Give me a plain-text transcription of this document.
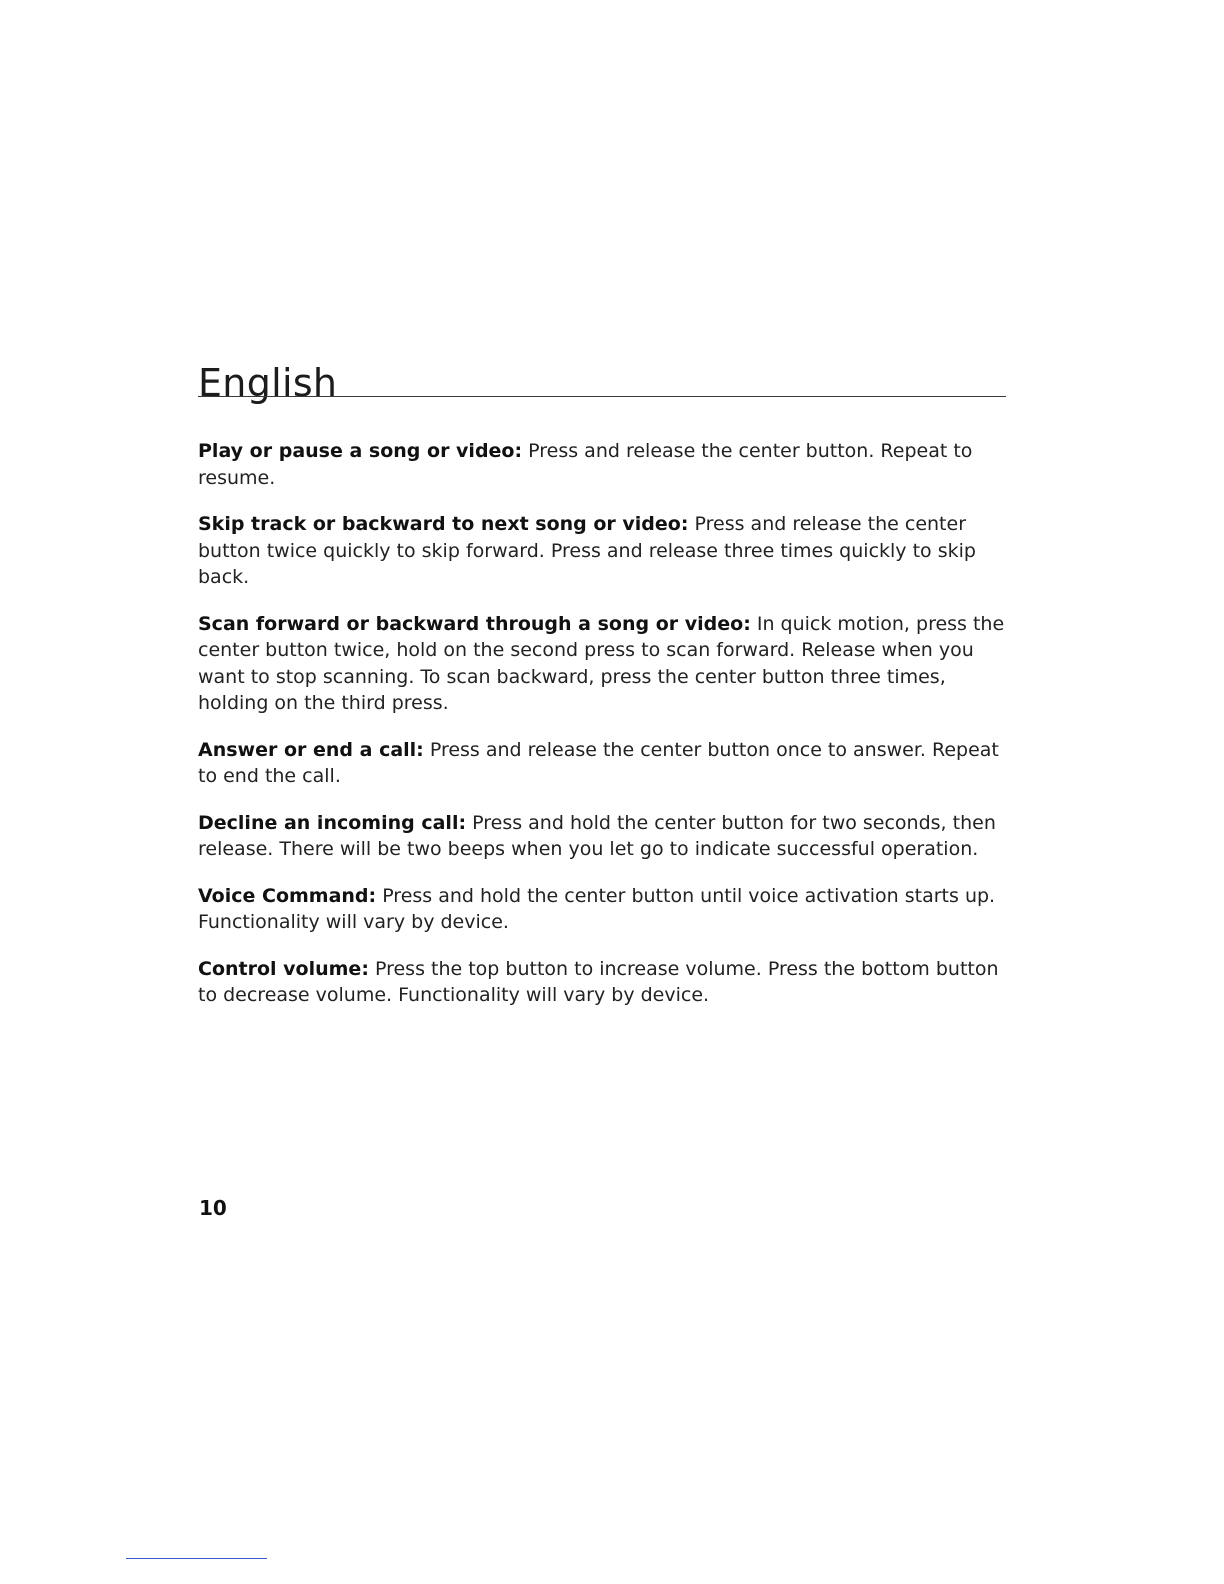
English

Play or pause a song or video: Press and release the center button. Repeat to resume.

Skip track or backward to next song or video: Press and release the center button twice quickly to skip forward. Press and release three times quickly to skip back.

Scan forward or backward through a song or video: In quick motion, press the center button twice, hold on the second press to scan forward. Release when you want to stop scanning. To scan backward, press the center button three times, holding on the third press.

Answer or end a call: Press and release the center button once to answer. Repeat to end the call.

Decline an incoming call: Press and hold the center button for two seconds, then release. There will be two beeps when you let go to indicate successful operation.

Voice Command: Press and hold the center button until voice activation starts up. Functionality will vary by device.

Control volume: Press the top button to increase volume. Press the bottom button to decrease volume. Functionality will vary by device.

10
